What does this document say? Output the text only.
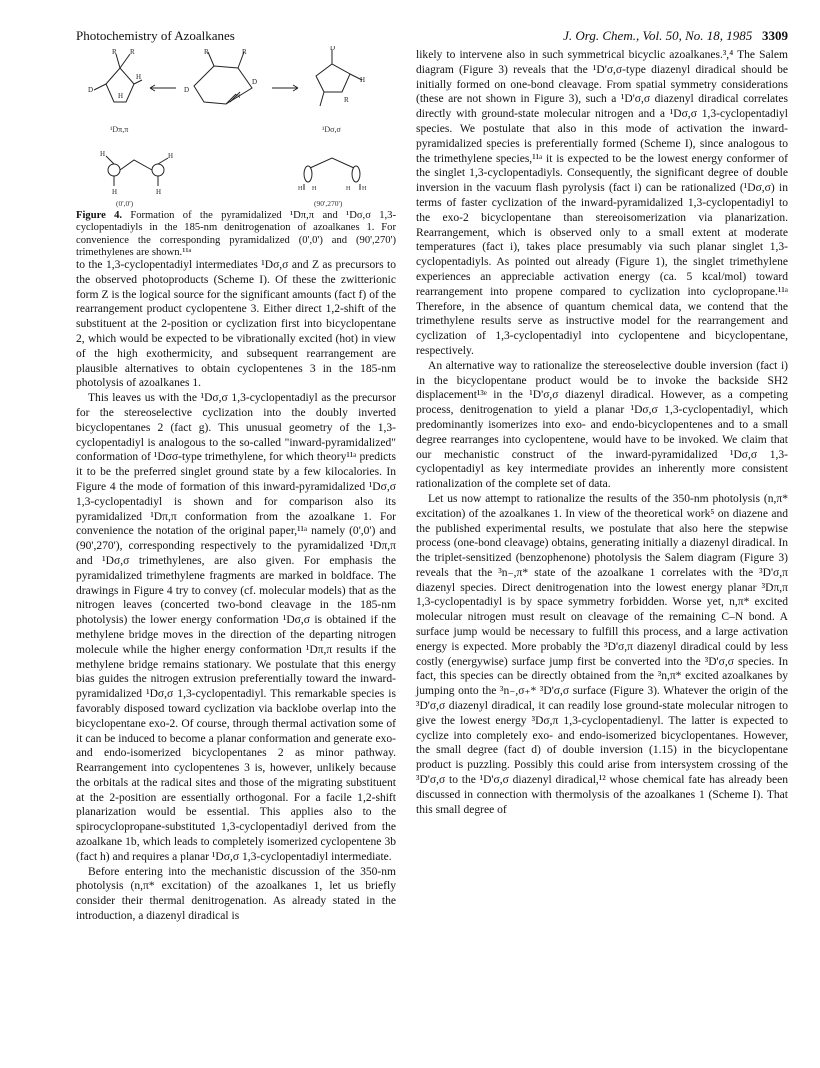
Photochemistry of Azoalkanes	J. Org. Chem., Vol. 50, No. 18, 1985 3309
R R
D
H
H
R	R
D
D
N
D
H
R
¹Dπ,π	¹Dσ,σ
H
H	H
H
H H	H H
(0',0')	(90',270')
Figure 4. Formation of the pyramidalized ¹Dπ,π and ¹Dσ,σ 1,3-cyclopentadiyls in the 185-nm denitrogenation of azoalkanes 1. For convenience the corresponding pyramidalized (0',0') and (90',270') trimethylenes are shown.¹¹ᵃ

to the 1,3-cyclopentadiyl intermediates ¹Dσ,σ and Z as precursors to the observed photoproducts (Scheme I). Of these the zwitterionic form Z is the logical source for the significant amounts (fact f) of the rearrangement product cyclopentene 3. Either direct 1,2-shift of the substituent at the 2-position or cyclization first into bicyclopentane 2, which would be expected to be vibrationally excited (hot) in view of the high exothermicity, and subsequent rearrangement are plausible alternatives to obtain cyclopentenes 3 in the 185-nm photolysis of azoalkanes 1.

This leaves us with the ¹Dσ,σ 1,3-cyclopentadiyl as the precursor for the stereoselective cyclization into the doubly inverted bicyclopentanes 2 (fact g). This unusual geometry of the 1,3-cyclopentadiyl is analogous to the so-called "inward-pyramidalized" conformation of ¹Dσσ-type trimethylene, for which theory¹¹ᵃ predicts it to be the preferred singlet ground state by a few kilocalories. In Figure 4 the mode of formation of this inward-pyramidalized ¹Dσ,σ 1,3-cyclopentadiyl is shown and for comparison also its pyramidalized ¹Dπ,π conformation from the azoalkane 1. For convenience the notation of the original paper,¹¹ᵃ namely (0',0') and (90',270'), corresponding respectively to the pyramidalized ¹Dπ,π and ¹Dσ,σ trimethylenes, are also given. For emphasis the pyramidalized trimethylene fragments are marked in boldface. The drawings in Figure 4 try to convey (cf. molecular models) that as the nitrogen leaves (concerted two-bond cleavage in the 185-nm photolysis) the lower energy conformation ¹Dσ,σ is obtained if the methylene bridge moves in the direction of the departing nitrogen molecule while the higher energy conformation ¹Dπ,π results if the methylene bridge remains stationary. We postulate that this energy bias guides the nitrogen extrusion preferentially toward the inward-pyramidalized ¹Dσ,σ 1,3-cyclopentadiyl. This remarkable species is favorably disposed toward cyclization via backlobe overlap into the bicyclopentane exo-2. Of course, through thermal activation some of it can be induced to become a planar conformation and generate exo- and endo-isomerized bicyclopentanes 2 as minor pathway. Rearrangement into cyclopentenes 3 is, however, unlikely because the orbitals at the radical sites and those of the migrating substituent at the 2-position are essentially orthogonal. For a facile 1,2-shift planarization would be essential. This applies also to the spirocyclopropane-substituted 1,3-cyclopentadiyl derived from the azoalkane 1b, which leads to completely isomerized cyclopentene 3b (fact h) and requires a planar ¹Dσ,σ 1,3-cyclopentadiyl intermediate.

Before entering into the mechanistic discussion of the 350-nm photolysis (n,π* excitation) of the azoalkanes 1, let us briefly consider their thermal denitrogenation. As already stated in the introduction, a diazenyl diradical is

likely to intervene also in such symmetrical bicyclic azoalkanes.³,⁴ The Salem diagram (Figure 3) reveals that the ¹D'σ,σ-type diazenyl diradical should be initially formed on one-bond cleavage. From spatial symmetry considerations (these are not shown in Figure 3), such a ¹D'σ,σ diazenyl diradical correlates directly with ground-state molecular nitrogen and a ¹Dσ,σ 1,3-cyclopentadiyl species. We postulate that also in this mode of activation the inward-pyramidalized species is preferentially formed (Scheme I), since analogous to the trimethylene species,¹¹ᵃ it is expected to be the lowest energy conformer of the singlet 1,3-cyclopentadiyls. Consequently, the significant degree of double inversion in the vacuum flash pyrolysis (fact i) can be rationalized (¹Dσ,σ) in terms of faster cyclization of the inward-pyramidalized 1,3-cyclopentadiyl to the exo-2 bicyclopentane than stereoisomerization via planarization. Rearrangement, which is observed only to a small extent at moderate temperatures (fact i), takes place presumably via such planar singlet 1,3-cyclopentadiyls. As pointed out already (Figure 1), the singlet trimethylene experiences an appreciable activation energy (ca. 5 kcal/mol) toward rearrangement into propene compared to cyclization into cyclopropane.¹¹ᵃ Therefore, in the absence of quantum chemical data, we contend that the trimethylene results serve as instructive model for the rearrangement and cyclization of 1,3-cyclopentadiyl into cyclopentene and bicyclopentane, respectively.

An alternative way to rationalize the stereoselective double inversion (fact i) in the bicyclopentane product would be to invoke the backside SH2 displacement¹³ᵉ in the ¹D'σ,σ diazenyl diradical. However, as a competing process, denitrogenation to yield a planar ¹Dσ,σ 1,3-cyclopentadiyl, which predominantly isomerizes into exo- and endo-bicyclopentenes and to a small degree rearranges into cyclopentene, would have to be invoked. We claim that our mechanistic construct of the inward-pyramidalized ¹Dσ,σ 1,3-cyclopentadiyl as key intermediate provides an inherently more consistent rationalization of the complete set of data.

Let us now attempt to rationalize the results of the 350-nm photolysis (n,π* excitation) of the azoalkanes 1. In view of the theoretical work⁵ on diazene and the published experimental results, we postulate that also here the stepwise process (one-bond cleavage) obtains, generating initially a diazenyl diradical. In the triplet-sensitized (benzophenone) photolysis the Salem diagram (Figure 3) reveals that the ³n₋,π* state of the azoalkane 1 correlates with the ³D'σ,π diazenyl species. Direct denitrogenation into the lowest energy planar ³Dπ,π 1,3-cyclopentadiyl is by space symmetry forbidden. Worse yet, n,π* excited molecular nitrogen must result on cleavage of the remaining C–N bond. A surface jump would be necessary to fulfill this process, and a large activation energy is expected. More probably the ³D'σ,π diazenyl diradical could by less costly (energywise) surface jump first be converted into the ³D'σ,σ species. In fact, this species can be directly obtained from the ³n,π* excited azoalkanes by jumping onto the ³n₋,σ₊* ³D'σ,σ surface (Figure 3). Whatever the origin of the ³D'σ,σ diazenyl diradical, it can readily lose ground-state molecular nitrogen to give the lowest energy ³Dσ,π 1,3-cyclopentadienyl. The latter is expected to cyclize into completely exo- and endo-isomerized bicyclopentanes. However, the small degree (fact d) of double inversion (1.15) in the bicyclopentane product is puzzling. Possibly this could arise from intersystem crossing of the ³D'σ,σ to the ¹D'σ,σ diazenyl diradical,¹² whose chemical fate has already been discussed in connection with thermolysis of the azoalkanes 1 (Scheme I). That this small degree of
